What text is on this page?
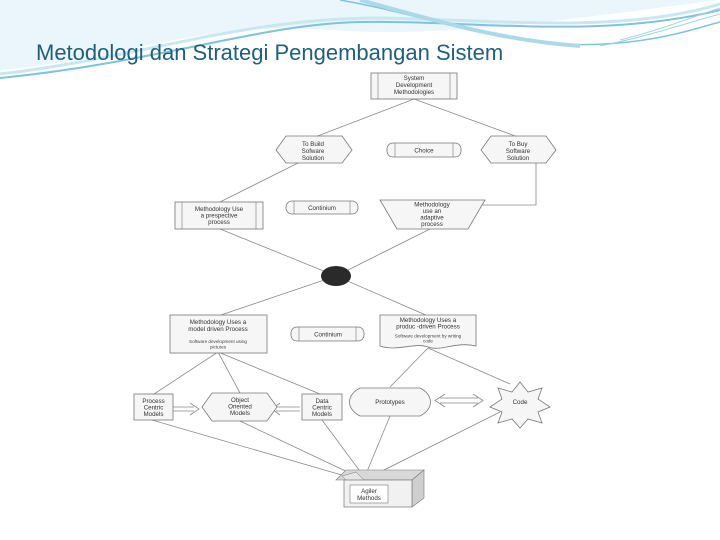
Metodologi dan Strategi Pengembangan Sistem
System
Development
Methodologies
To Build
Sofware
Solution
Choice
To Buy
Software
Solution
Methodology Use
a prespective
process
Continium	Methodology
use an
adaptive
process
Methodology Uses a
model driven Process
Software development using
pictures
Continium
Methodology Uses a
produc -driven Process
Software development by writing
code
Process
Centric
Models
Object
Oriented
Models
Data
Centric
Models
Prototypes	Code
Agiler
Methods
